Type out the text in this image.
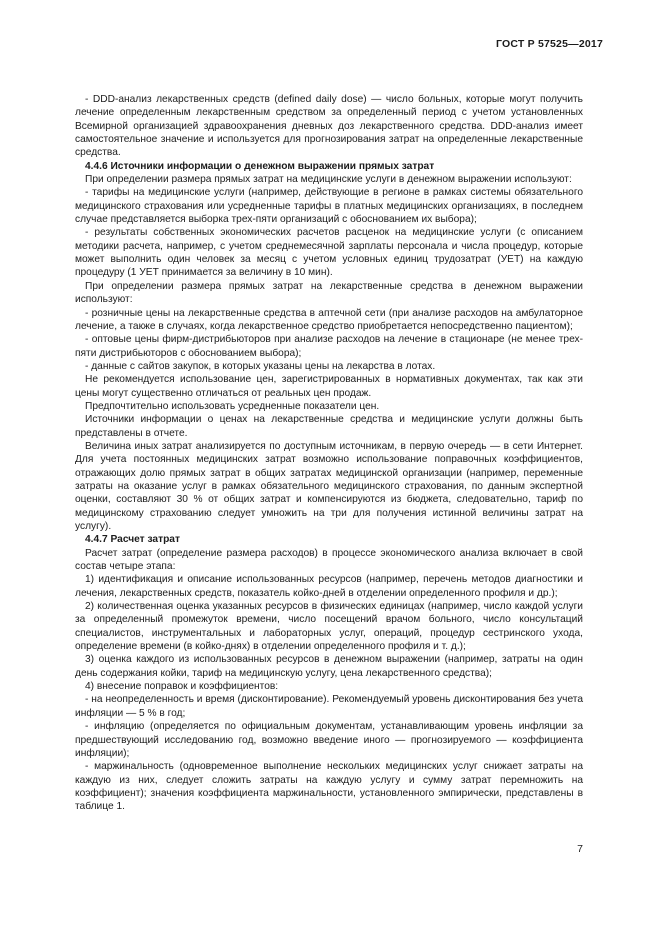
ГОСТ Р 57525—2017

- DDD-анализ лекарственных средств (defined daily dose) — число больных, которые могут получить лечение определенным лекарственным средством за определенный период с учетом установленных Всемирной организацией здравоохранения дневных доз лекарственного средства. DDD-анализ имеет самостоятельное значение и используется для прогнозирования затрат на определенные лекарственные средства.

4.4.6 Источники информации о денежном выражении прямых затрат

При определении размера прямых затрат на медицинские услуги в денежном выражении используют:

- тарифы на медицинские услуги (например, действующие в регионе в рамках системы обязательного медицинского страхования или усредненные тарифы в платных медицинских организациях, в последнем случае представляется выборка трех-пяти организаций с обоснованием их выбора);

- результаты собственных экономических расчетов расценок на медицинские услуги (с описанием методики расчета, например, с учетом среднемесячной зарплаты персонала и числа процедур, которые может выполнить один человек за месяц с учетом условных единиц трудозатрат (УЕТ) на каждую процедуру (1 УЕТ принимается за величину в 10 мин).

При определении размера прямых затрат на лекарственные средства в денежном выражении используют:

- розничные цены на лекарственные средства в аптечной сети (при анализе расходов на амбулаторное лечение, а также в случаях, когда лекарственное средство приобретается непосредственно пациентом);

- оптовые цены фирм-дистрибьюторов при анализе расходов на лечение в стационаре (не менее трех-пяти дистрибьюторов с обоснованием выбора);

- данные с сайтов закупок, в которых указаны цены на лекарства в лотах.

Не рекомендуется использование цен, зарегистрированных в нормативных документах, так как эти цены могут существенно отличаться от реальных цен продаж.

Предпочтительно использовать усредненные показатели цен.

Источники информации о ценах на лекарственные средства и медицинские услуги должны быть представлены в отчете.

Величина иных затрат анализируется по доступным источникам, в первую очередь — в сети Интернет. Для учета постоянных медицинских затрат возможно использование поправочных коэффициентов, отражающих долю прямых затрат в общих затратах медицинской организации (например, переменные затраты на оказание услуг в рамках обязательного медицинского страхования, по данным экспертной оценки, составляют 30 % от общих затрат и компенсируются из бюджета, следовательно, тариф по медицинскому страхованию следует умножить на три для получения истинной величины затрат на услугу).

4.4.7 Расчет затрат

Расчет затрат (определение размера расходов) в процессе экономического анализа включает в свой состав четыре этапа:

1) идентификация и описание использованных ресурсов (например, перечень методов диагностики и лечения, лекарственных средств, показатель койко-дней в отделении определенного профиля и др.);

2) количественная оценка указанных ресурсов в физических единицах (например, число каждой услуги за определенный промежуток времени, число посещений врачом больного, число консультаций специалистов, инструментальных и лабораторных услуг, операций, процедур сестринского ухода, определение времени (в койко-днях) в отделении определенного профиля и т. д.);

3) оценка каждого из использованных ресурсов в денежном выражении (например, затраты на один день содержания койки, тариф на медицинскую услугу, цена лекарственного средства);

4) внесение поправок и коэффициентов:

- на неопределенность и время (дисконтирование). Рекомендуемый уровень дисконтирования без учета инфляции — 5 % в год;

- инфляцию (определяется по официальным документам, устанавливающим уровень инфляции за предшествующий исследованию год, возможно введение иного — прогнозируемого — коэффициента инфляции);

- маржинальность (одновременное выполнение нескольких медицинских услуг снижает затраты на каждую из них, следует сложить затраты на каждую услугу и сумму затрат перемножить на коэффициент); значения коэффициента маржинальности, установленного эмпирически, представлены в таблице 1.

7
